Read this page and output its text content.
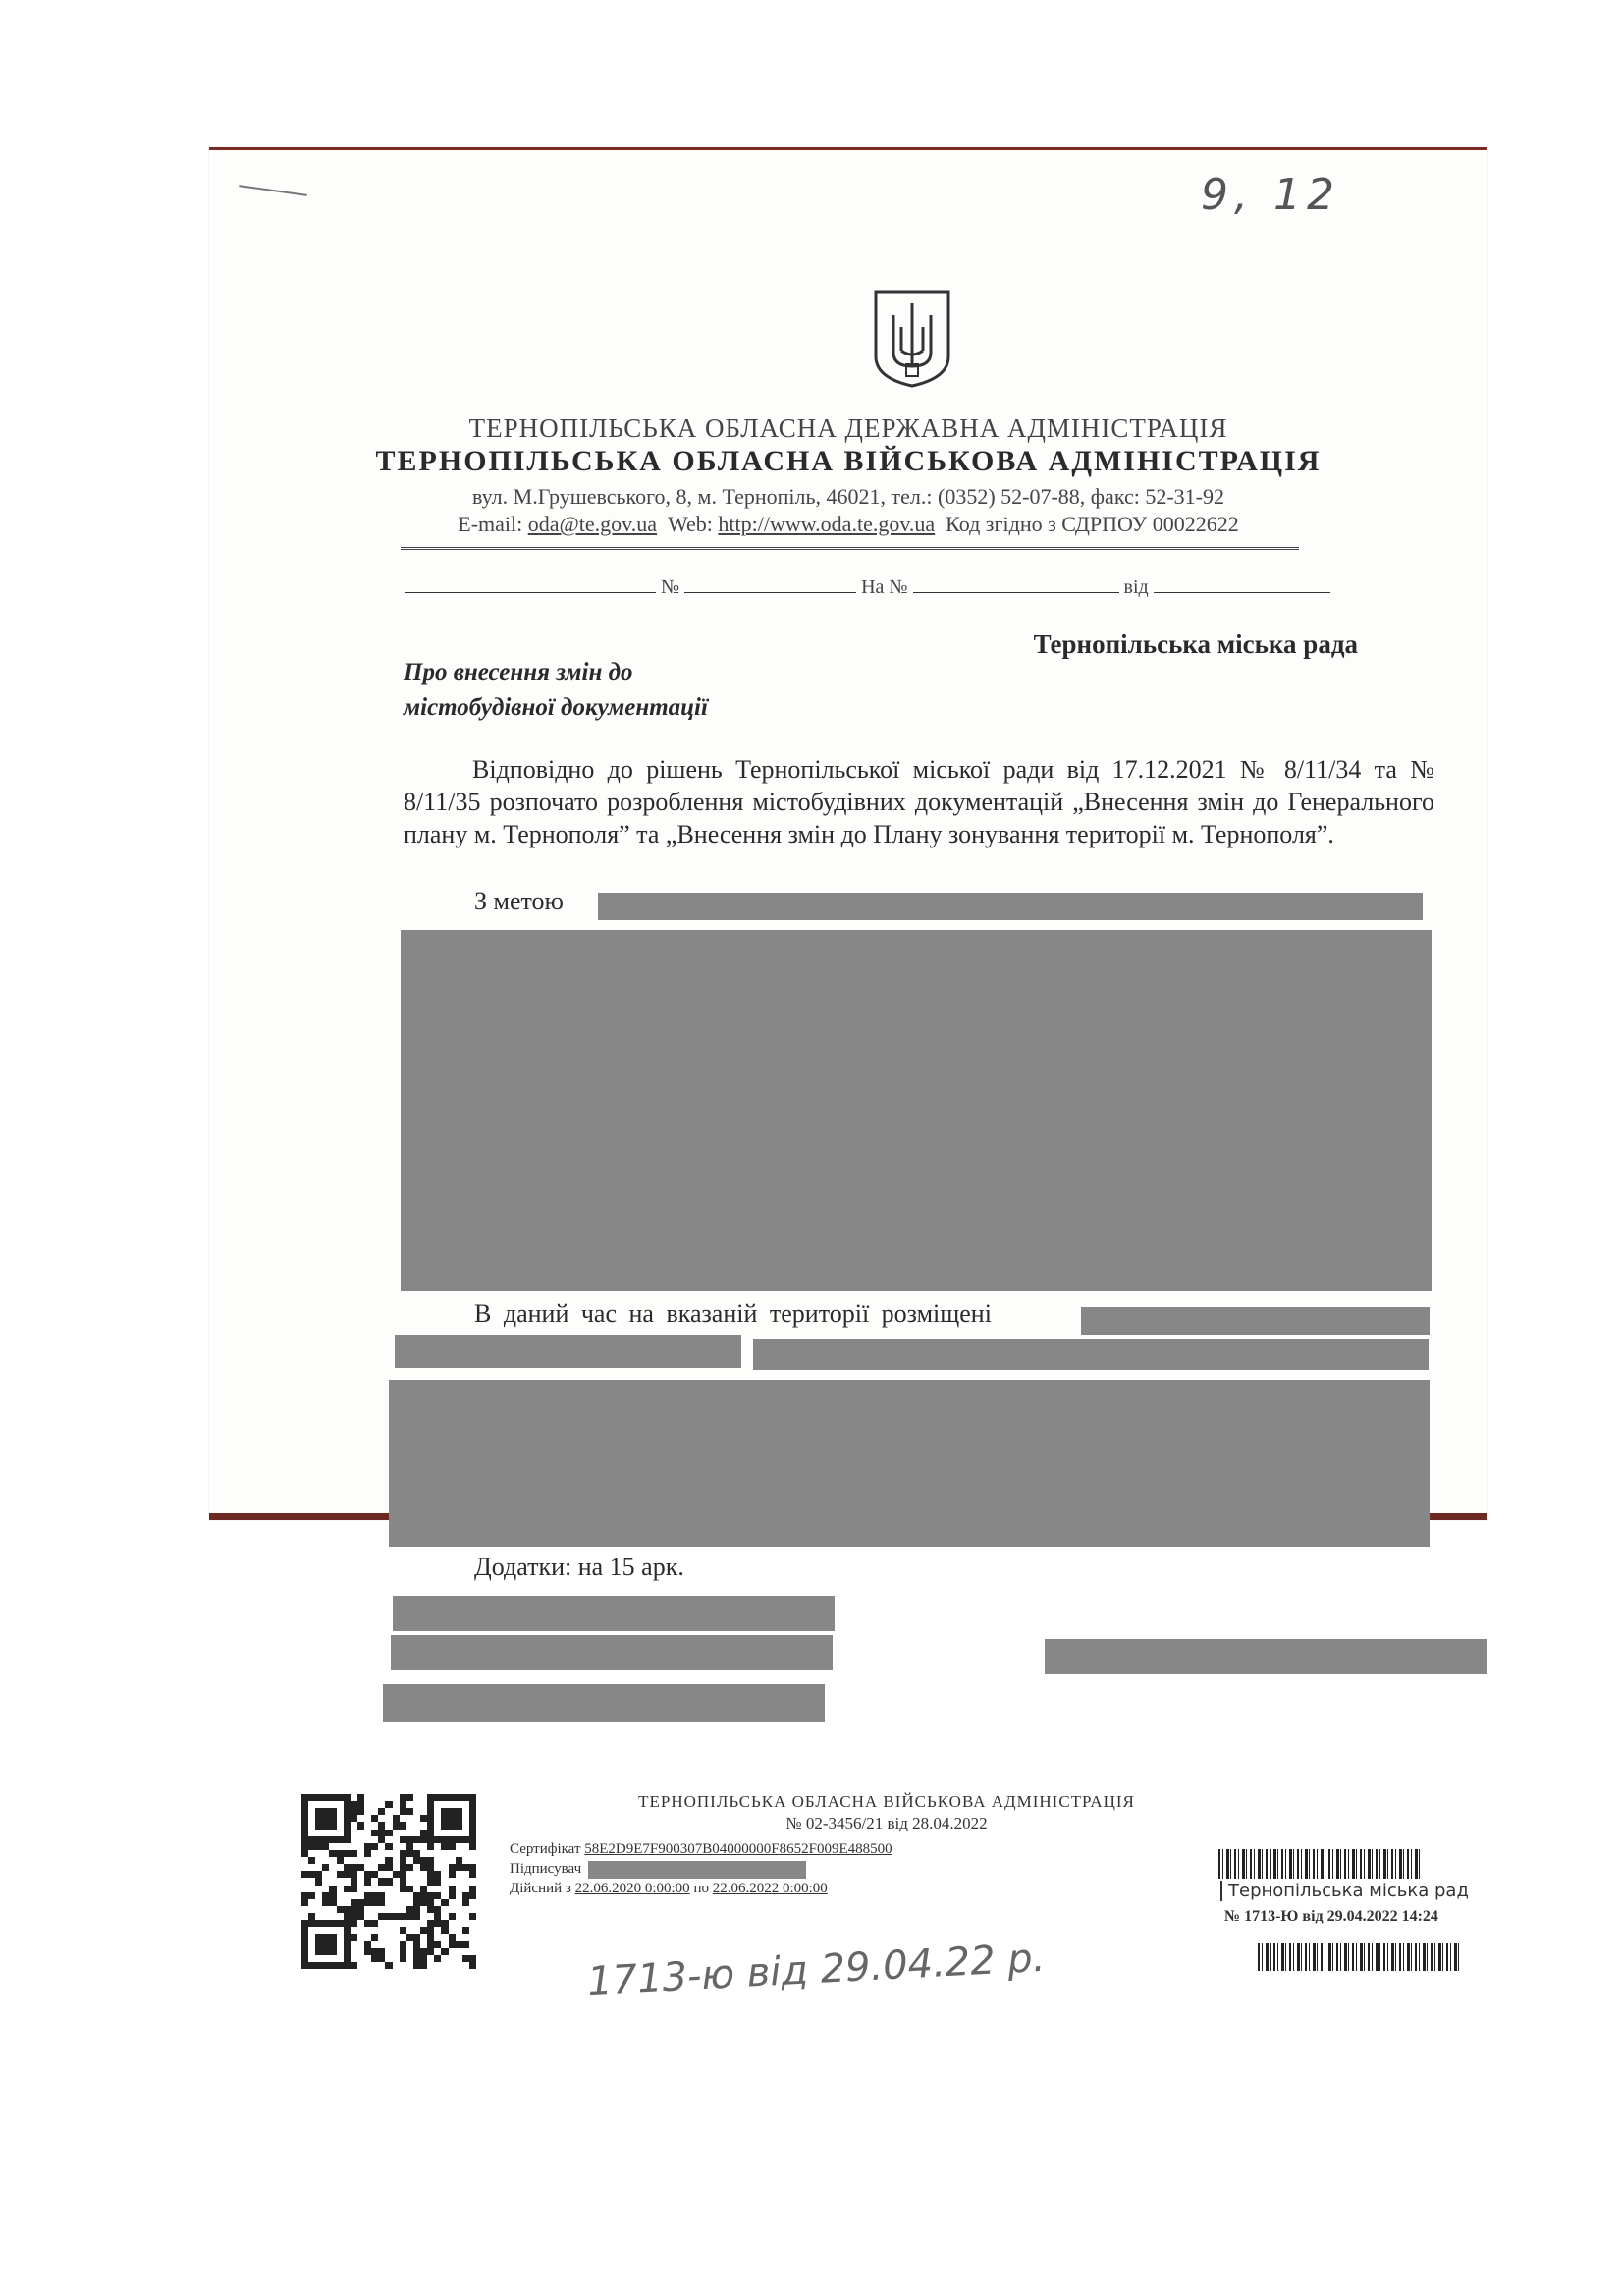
9, 12
ТЕРНОПІЛЬСЬКА ОБЛАСНА ДЕРЖАВНА АДМІНІСТРАЦІЯ
ТЕРНОПІЛЬСЬКА ОБЛАСНА ВІЙСЬКОВА АДМІНІСТРАЦІЯ
вул. М.Грушевського, 8, м. Тернопіль, 46021, тел.: (0352) 52-07-88, факс: 52-31-92
E-mail: oda@te.gov.ua Web: http://www.oda.te.gov.ua Код згідно з СДРПОУ 00022622
№	На №	від
Тернопільська міська рада
Про внесення змін до
містобудівної документації
Відповідно до рішень Тернопільської міської ради від 17.12.2021 № 8/11/34 та № 8/11/35 розпочато розроблення містобудівних документацій „Внесення змін до Генерального плану м. Тернополя” та „Внесення змін до Плану зонування території м. Тернополя”.
З метою
В даний час на вказаній території розміщені
Додатки: на 15 арк.
ТЕРНОПІЛЬСЬКА ОБЛАСНА ВІЙСЬКОВА АДМІНІСТРАЦІЯ
№ 02-3456/21 від 28.04.2022
Сертифікат 58E2D9E7F900307B04000000F8652F009E488500
Підписувач
Дійсний з 22.06.2020 0:00:00 по 22.06.2022 0:00:00	Тернопільська міська рад
№ 1713-Ю від 29.04.2022 14:24
1713-ю від 29.04.22 р.
